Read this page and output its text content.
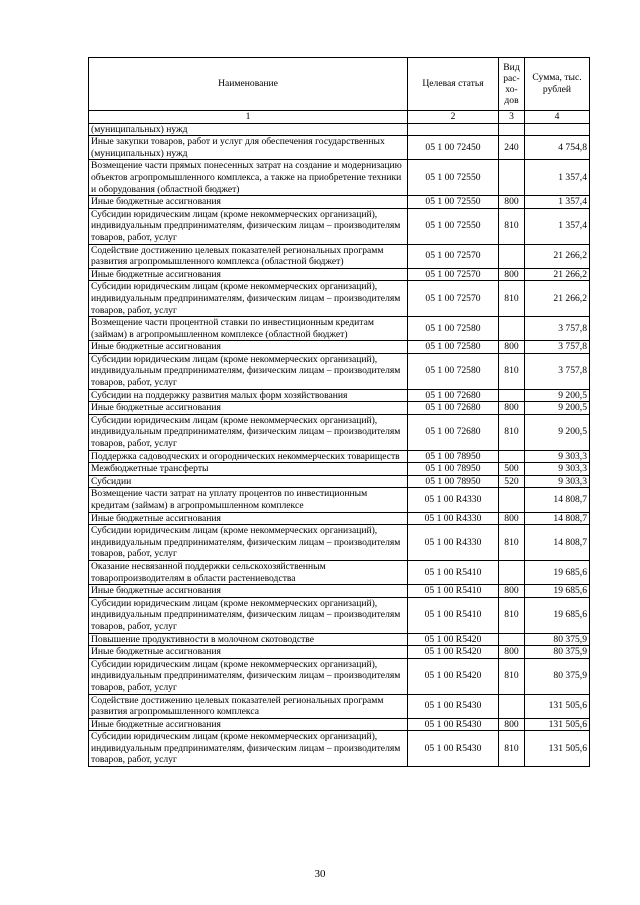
Наименование	Целевая статья	Вид рас-хо-дов	Сумма, тыс. рублей
1	2	3	4
(муниципальных) нужд			
Иные закупки товаров, работ и услуг для обеспечения государственных (муниципальных) нужд	05 1 00 72450	240	4 754,8
Возмещение части прямых понесенных затрат на создание и модернизацию объектов агропромышленного комплекса, а также на приобретение техники и оборудования (областной бюджет)	05 1 00 72550		1 357,4
Иные бюджетные ассигнования	05 1 00 72550	800	1 357,4
Субсидии юридическим лицам (кроме некоммерческих организаций), индивидуальным предпринимателям, физическим лицам – производителям товаров, работ, услуг	05 1 00 72550	810	1 357,4
Содействие достижению целевых показателей региональных программ развития агропромышленного комплекса (областной бюджет)	05 1 00 72570		21 266,2
Иные бюджетные ассигнования	05 1 00 72570	800	21 266,2
Субсидии юридическим лицам (кроме некоммерческих организаций), индивидуальным предпринимателям, физическим лицам – производителям товаров, работ, услуг	05 1 00 72570	810	21 266,2
Возмещение части процентной ставки по инвестиционным кредитам (займам) в агропромышленном комплексе (областной бюджет)	05 1 00 72580		3 757,8
Иные бюджетные ассигнования	05 1 00 72580	800	3 757,8
Субсидии юридическим лицам (кроме некоммерческих организаций), индивидуальным предпринимателям, физическим лицам – производителям товаров, работ, услуг	05 1 00 72580	810	3 757,8
Субсидии на поддержку развития малых форм хозяйствования	05 1 00 72680		9 200,5
Иные бюджетные ассигнования	05 1 00 72680	800	9 200,5
Субсидии юридическим лицам (кроме некоммерческих организаций), индивидуальным предпринимателям, физическим лицам – производителям товаров, работ, услуг	05 1 00 72680	810	9 200,5
Поддержка садоводческих и огороднических некоммерческих товариществ	05 1 00 78950		9 303,3
Межбюджетные трансферты	05 1 00 78950	500	9 303,3
Субсидии	05 1 00 78950	520	9 303,3
Возмещение части затрат на уплату процентов по инвестиционным кредитам (займам) в агропромышленном комплексе	05 1 00 R4330		14 808,7
Иные бюджетные ассигнования	05 1 00 R4330	800	14 808,7
Субсидии юридическим лицам (кроме некоммерческих организаций), индивидуальным предпринимателям, физическим лицам – производителям товаров, работ, услуг	05 1 00 R4330	810	14 808,7
Оказание несвязанной поддержки сельскохозяйственным товаропроизводителям в области растениеводства	05 1 00 R5410		19 685,6
Иные бюджетные ассигнования	05 1 00 R5410	800	19 685,6
Субсидии юридическим лицам (кроме некоммерческих организаций), индивидуальным предпринимателям, физическим лицам – производителям товаров, работ, услуг	05 1 00 R5410	810	19 685,6
Повышение продуктивности в молочном скотоводстве	05 1 00 R5420		80 375,9
Иные бюджетные ассигнования	05 1 00 R5420	800	80 375,9
Субсидии юридическим лицам (кроме некоммерческих организаций), индивидуальным предпринимателям, физическим лицам – производителям товаров, работ, услуг	05 1 00 R5420	810	80 375,9
Содействие достижению целевых показателей региональных программ развития агропромышленного комплекса	05 1 00 R5430		131 505,6
Иные бюджетные ассигнования	05 1 00 R5430	800	131 505,6
Субсидии юридическим лицам (кроме некоммерческих организаций), индивидуальным предпринимателям, физическим лицам – производителям товаров, работ, услуг	05 1 00 R5430	810	131 505,6
30
